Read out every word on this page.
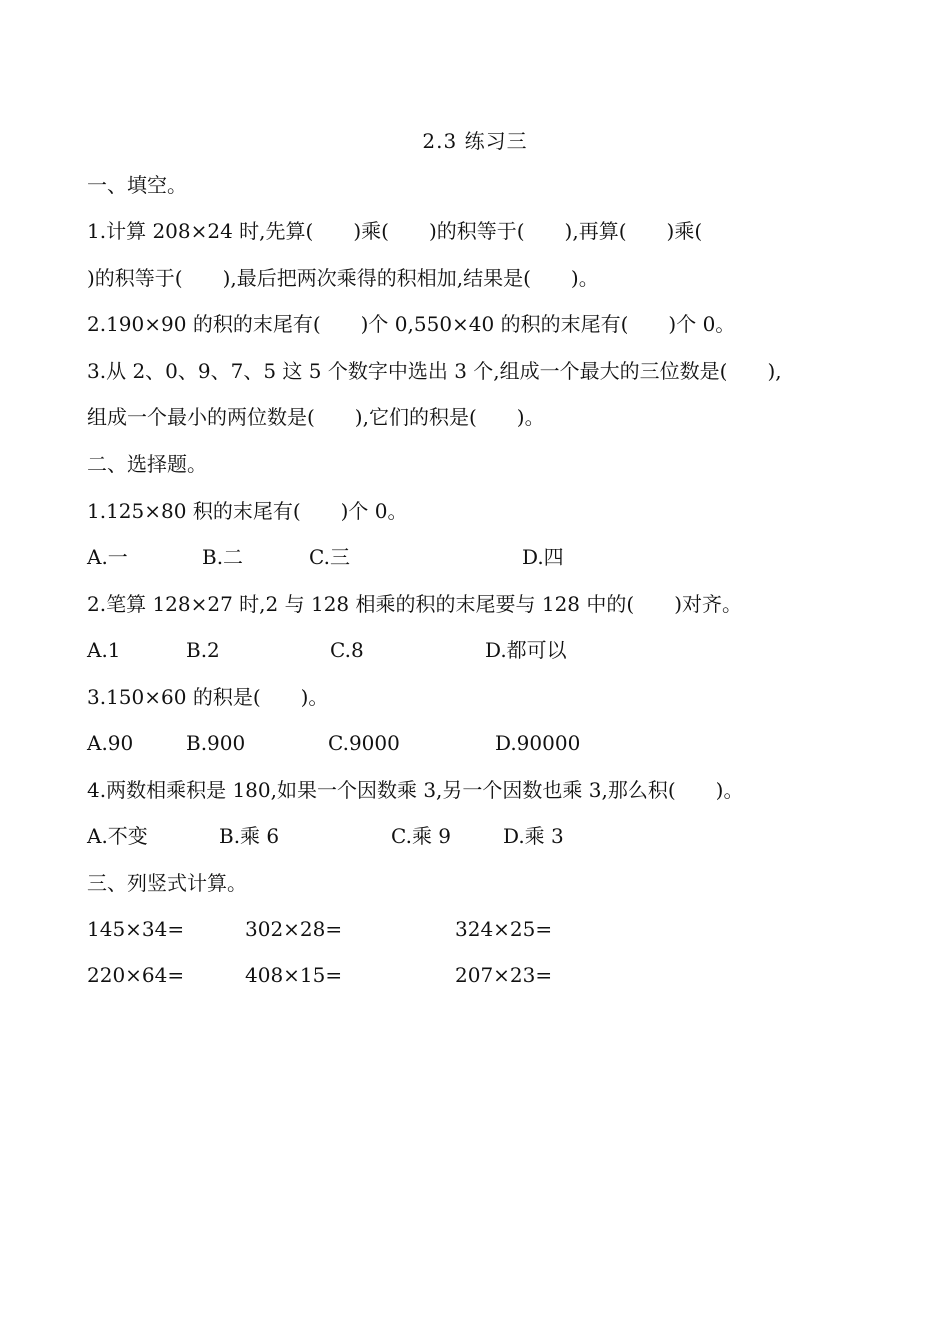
2.3 练习三
一、填空。
1.计算 208×24 时,先算(　　)乘(　　)的积等于(　　),再算(　　)乘(
)的积等于(　　),最后把两次乘得的积相加,结果是(　　)。
2.190×90 的积的末尾有(　　)个 0,550×40 的积的末尾有(　　)个 0。
3.从 2、0、9、7、5 这 5 个数字中选出 3 个,组成一个最大的三位数是(　　),
组成一个最小的两位数是(　　),它们的积是(　　)。
二、选择题。
1.125×80 积的末尾有(　　)个 0。
A.一	B.二	C.三	D.四
2.笔算 128×27 时,2 与 128 相乘的积的末尾要与 128 中的(　　)对齐。
A.1	B.2	C.8	D.都可以
3.150×60 的积是(　　)。
A.90	B.900	C.9000	D.90000
4.两数相乘积是 180,如果一个因数乘 3,另一个因数也乘 3,那么积(　　)。
A.不变	B.乘 6	C.乘 9	D.乘 3
三、列竖式计算。
145×34=	302×28=	324×25=
220×64=	408×15=	207×23=
